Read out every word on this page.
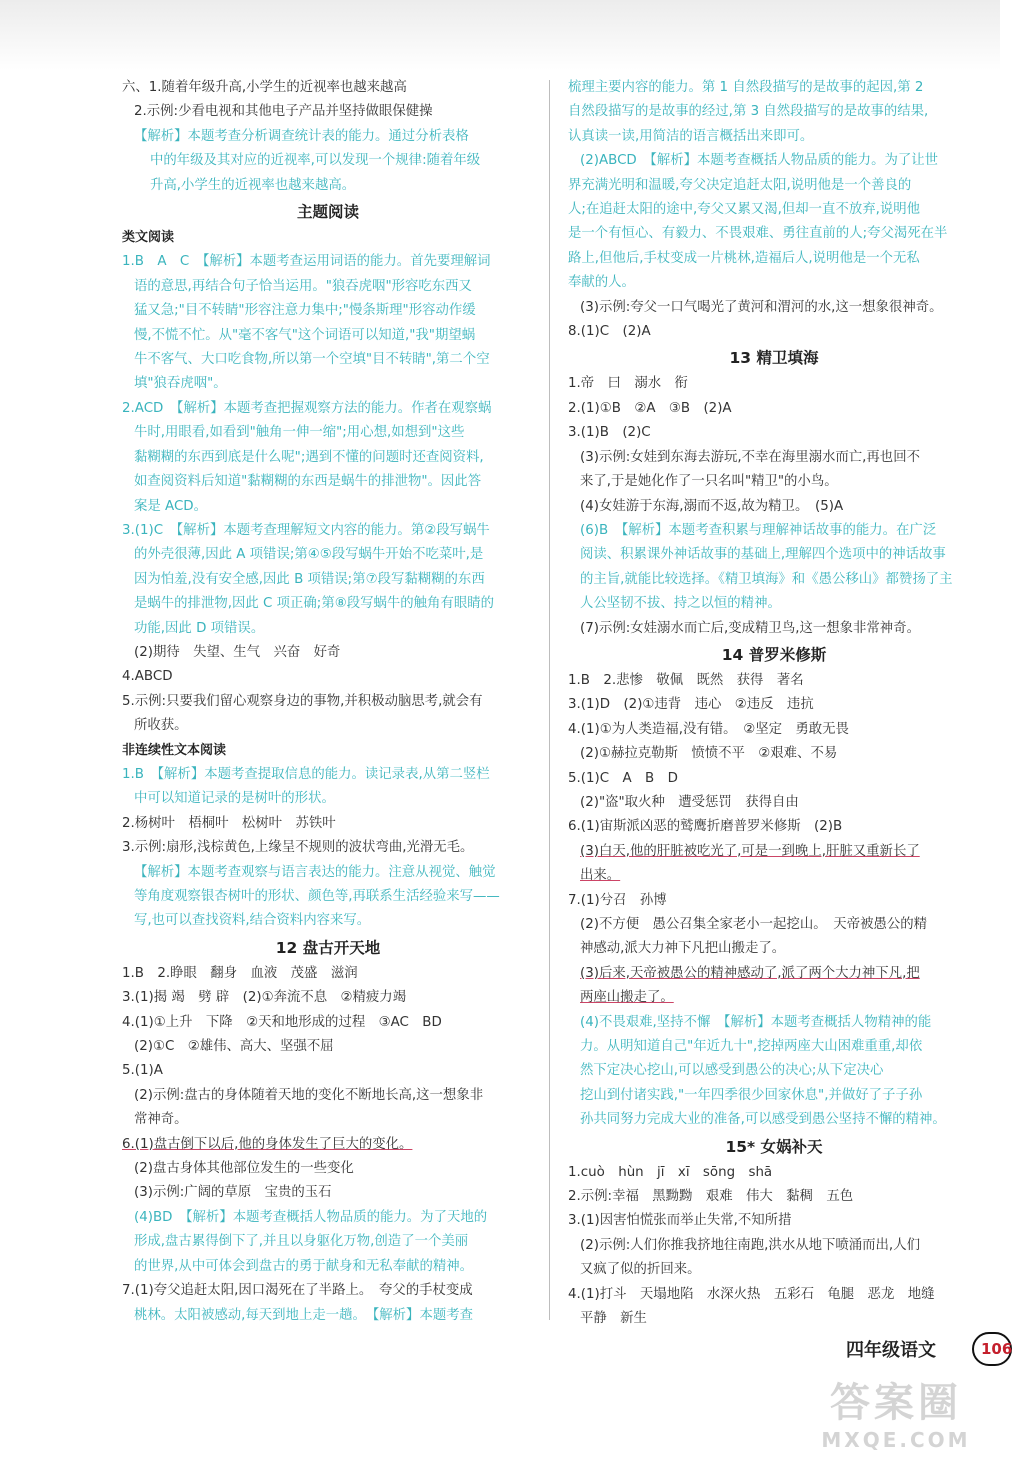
六、1.随着年级升高,小学生的近视率也越来越高
2.示例:少看电视和其他电子产品并坚持做眼保健操
【解析】本题考查分析调查统计表的能力。通过分析表格
中的年级及其对应的近视率,可以发现一个规律:随着年级
升高,小学生的近视率也越来越高。
主题阅读
类文阅读
1.B　A　C　【解析】本题考查运用词语的能力。首先要理解词
语的意思,再结合句子恰当运用。"狼吞虎咽"形容吃东西又
猛又急;"目不转睛"形容注意力集中;"慢条斯理"形容动作缓
慢,不慌不忙。从"毫不客气"这个词语可以知道,"我"期望蜗
牛不客气、大口吃食物,所以第一个空填"目不转睛",第二个空
填"狼吞虎咽"。
2.ACD　【解析】本题考查把握观察方法的能力。作者在观察蜗
牛时,用眼看,如看到"触角一伸一缩";用心想,如想到"这些
黏糊糊的东西到底是什么呢";遇到不懂的问题时还查阅资料,
如查阅资料后知道"黏糊糊的东西是蜗牛的排泄物"。因此答
案是 ACD。
3.(1)C　【解析】本题考查理解短文内容的能力。第②段写蜗牛
的外壳很薄,因此 A 项错误;第④⑤段写蜗牛开始不吃菜叶,是
因为怕羞,没有安全感,因此 B 项错误;第⑦段写黏糊糊的东西
是蜗牛的排泄物,因此 C 项正确;第⑧段写蜗牛的触角有眼睛的
功能,因此 D 项错误。
(2)期待　失望、生气　兴奋　好奇
4.ABCD
5.示例:只要我们留心观察身边的事物,并积极动脑思考,就会有
所收获。
非连续性文本阅读
1.B　【解析】本题考查提取信息的能力。读记录表,从第二竖栏
中可以知道记录的是树叶的形状。
2.杨树叶　梧桐叶　松树叶　苏铁叶
3.示例:扇形,浅棕黄色,上缘呈不规则的波状弯曲,光滑无毛。
【解析】本题考查观察与语言表达的能力。注意从视觉、触觉
等角度观察银杏树叶的形状、颜色等,再联系生活经验来写——
写,也可以查找资料,结合资料内容来写。
12 盘古开天地
1.B　2.睁眼　翻身　血液　茂盛　滋润
3.(1)揭 竭　劈 辟　(2)①奔流不息　②精疲力竭
4.(1)①上升　下降　②天和地形成的过程　③AC　BD
(2)①C　②雄伟、高大、坚强不屈
5.(1)A
(2)示例:盘古的身体随着天地的变化不断地长高,这一想象非
常神奇。
6.(1)盘古倒下以后,他的身体发生了巨大的变化。
(2)盘古身体其他部位发生的一些变化
(3)示例:广阔的草原　宝贵的玉石
(4)BD　【解析】本题考查概括人物品质的能力。为了天地的
形成,盘古累得倒下了,并且以身躯化万物,创造了一个美丽
的世界,从中可体会到盘古的勇于献身和无私奉献的精神。
7.(1)夸父追赶太阳,因口渴死在了半路上。　夸父的手杖变成
桃林。太阳被感动,每天到地上走一趟。　【解析】本题考查
梳理主要内容的能力。第 1 自然段描写的是故事的起因,第 2
自然段描写的是故事的经过,第 3 自然段描写的是故事的结果,
认真读一读,用简洁的语言概括出来即可。
(2)ABCD　【解析】本题考查概括人物品质的能力。为了让世
界充满光明和温暖,夸父决定追赶太阳,说明他是一个善良的
人;在追赶太阳的途中,夸父又累又渴,但却一直不放弃,说明他
是一个有恒心、有毅力、不畏艰难、勇往直前的人;夸父渴死在半
路上,但他后,手杖变成一片桃林,造福后人,说明他是一个无私
奉献的人。
(3)示例:夸父一口气喝光了黄河和渭河的水,这一想象很神奇。
8.(1)C　(2)A
13 精卫填海
1.帝　曰　溺水　衔
2.(1)①B　②A　③B　(2)A
3.(1)B　(2)C
(3)示例:女娃到东海去游玩,不幸在海里溺水而亡,再也回不
来了,于是她化作了一只名叫"精卫"的小鸟。
(4)女娃游于东海,溺而不返,故为精卫。　(5)A
(6)B　【解析】本题考查积累与理解神话故事的能力。在广泛
阅读、积累课外神话故事的基础上,理解四个选项中的神话故事
的主旨,就能比较选择。《精卫填海》和《愚公移山》都赞扬了主
人公坚韧不拔、持之以恒的精神。
(7)示例:女娃溺水而亡后,变成精卫鸟,这一想象非常神奇。
14 普罗米修斯
1.B　2.悲惨　敬佩　既然　获得　著名
3.(1)D　(2)①违背　违心　②违反　违抗
4.(1)①为人类造福,没有错。　②坚定　勇敢无畏
(2)①赫拉克勒斯　愤愤不平　②艰难、不易
5.(1)C　A　B　D
(2)"盗"取火种　遭受惩罚　获得自由
6.(1)宙斯派凶恶的鹫鹰折磨普罗米修斯　(2)B
(3)白天,他的肝脏被吃光了,可是一到晚上,肝脏又重新长了
出来。
7.(1)兮召　孙博
(2)不方便　愚公召集全家老小一起挖山。　天帝被愚公的精
神感动,派大力神下凡把山搬走了。
(3)后来,天帝被愚公的精神感动了,派了两个大力神下凡,把
两座山搬走了。
(4)不畏艰难,坚持不懈　【解析】本题考查概括人物精神的能
力。从明知道自己"年近九十",挖掉两座大山困难重重,却依
然下定决心挖山,可以感受到愚公的决心;从下定决心
挖山到付诸实践,"一年四季很少回家休息",并做好了子子孙
孙共同努力完成大业的准备,可以感受到愚公坚持不懈的精神。
15* 女娲补天
1.cuò　hùn　jī　xī　sōng　shā
2.示例:幸福　黑黝黝　艰难　伟大　黏稠　五色
3.(1)因害怕慌张而举止失常,不知所措
(2)示例:人们你推我挤地往南跑,洪水从地下喷涌而出,人们
又疯了似的折回来。
4.(1)打斗　天塌地陷　水深火热　五彩石　龟腿　恶龙　地缝
平静　新生
四年级语文	106
答案圈
MXQE.COM
